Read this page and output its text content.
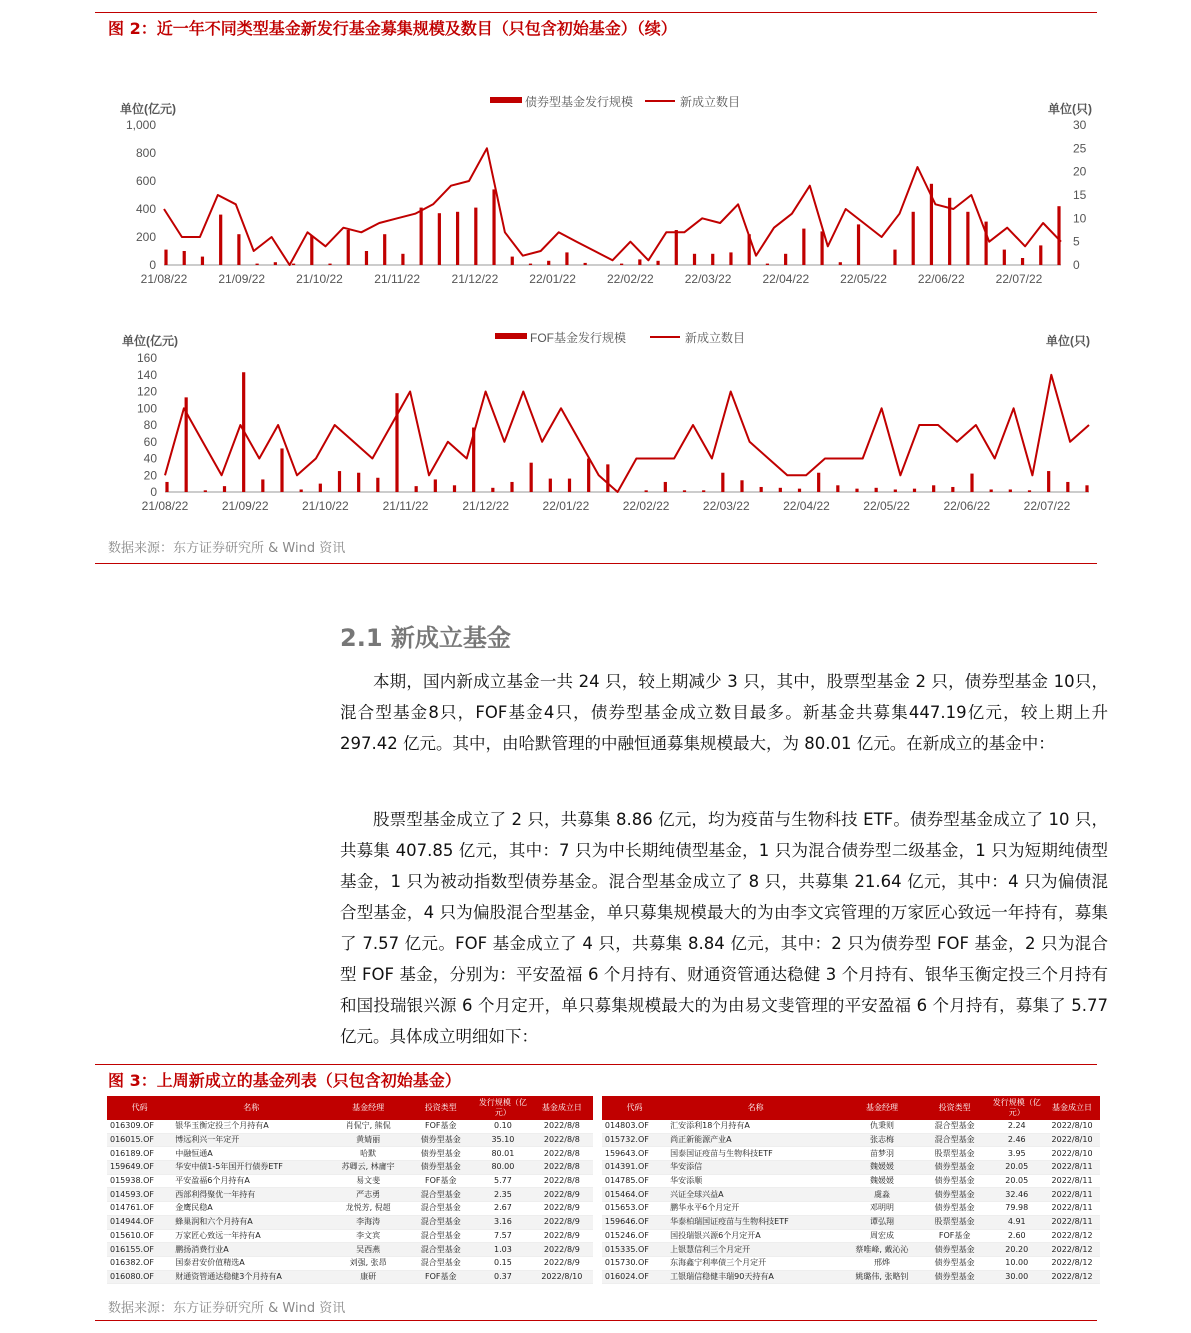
图 2：近一年不同类型基金新发行基金募集规模及数目（只包含初始基金）（续）
债券型基金发行规模	新成立数目
单位(亿元)	单位(只)
0
200
400
600
800
1,000
0
5
10
15
20
25
30
21/08/22	21/09/22	21/10/22	21/11/22	21/12/22	22/01/22	22/02/22	22/03/22	22/04/22	22/05/22	22/06/22	22/07/22
FOF基金发行规模	新成立数目
单位(亿元)	单位(只)
0
20
40
60
80
100
120
140
160
21/08/22	21/09/22	21/10/22	21/11/22	21/12/22	22/01/22	22/02/22	22/03/22	22/04/22	22/05/22	22/06/22	22/07/22
数据来源：东方证券研究所 & Wind 资讯
2.1 新成立基金

本期，国内新成立基金一共 24 只，较上期减少 3 只，其中，股票型基金 2 只，债券型基金 10只，混合型基金8只，FOF基金4只，债券型基金成立数目最多。新基金共募集447.19亿元，较上期上升 297.42 亿元。其中，由哈默管理的中融恒通募集规模最大，为 80.01 亿元。在新成立的基金中：

股票型基金成立了 2 只，共募集 8.86 亿元，均为疫苗与生物科技 ETF。债券型基金成立了 10 只，共募集 407.85 亿元，其中：7 只为中长期纯债型基金，1 只为混合债券型二级基金，1 只为短期纯债型基金，1 只为被动指数型债券基金。混合型基金成立了 8 只，共募集 21.64 亿元，其中：4 只为偏债混合型基金，4 只为偏股混合型基金，单只募集规模最大的为由李文宾管理的万家匠心致远一年持有，募集了 7.57 亿元。FOF 基金成立了 4 只，共募集 8.84 亿元，其中：2 只为债券型 FOF 基金，2 只为混合型 FOF 基金，分别为：平安盈福 6 个月持有、财通资管通达稳健 3 个月持有、银华玉衡定投三个月持有和国投瑞银兴源 6 个月定开，单只募集规模最大的为由易文斐管理的平安盈福 6 个月持有，募集了 5.77 亿元。具体成立明细如下：

图 3：上周新成立的基金列表（只包含初始基金）
代码	名称	基金经理	投资类型	发行规模（亿元）	基金成立日		代码	名称	基金经理	投资类型	发行规模（亿元）	基金成立日
016309.OF	银华玉衡定投三个月持有A	肖侃宁, 熊侃	FOF基金	0.10	2022/8/8		014803.OF	汇安添利18个月持有A	仇秉则	混合型基金	2.24	2022/8/10
016015.OF	博远利兴一年定开	黄婧丽	债券型基金	35.10	2022/8/8		015732.OF	尚正新能源产业A	张志梅	混合型基金	2.46	2022/8/10
016189.OF	中融恒通A	哈默	债券型基金	80.01	2022/8/8		159643.OF	国泰国证疫苗与生物科技ETF	苗梦羽	股票型基金	3.95	2022/8/10
159649.OF	华安中债1-5年国开行债券ETF	苏卿云, 林庸宇	债券型基金	80.00	2022/8/8		014391.OF	华安添信	魏媛媛	债券型基金	20.05	2022/8/11
015938.OF	平安盈福6个月持有A	易文斐	FOF基金	5.77	2022/8/8		014785.OF	华安添顺	魏媛媛	债券型基金	20.05	2022/8/11
014593.OF	西部利得聚优一年持有	严志勇	混合型基金	2.35	2022/8/9		015464.OF	兴证全球兴益A	虞淼	债券型基金	32.46	2022/8/11
014761.OF	金鹰民稳A	龙悦芳, 倪超	混合型基金	2.67	2022/8/9		015653.OF	鹏华永平6个月定开	邓明明	债券型基金	79.98	2022/8/11
014944.OF	蜂巢润和六个月持有A	李海涛	混合型基金	3.16	2022/8/9		159646.OF	华泰柏瑞国证疫苗与生物科技ETF	谭弘翔	股票型基金	4.91	2022/8/11
015610.OF	万家匠心致远一年持有A	李文宾	混合型基金	7.57	2022/8/9		015246.OF	国投瑞银兴源6个月定开A	周宏成	FOF基金	2.60	2022/8/12
016155.OF	鹏扬消费行业A	吴西燕	混合型基金	1.03	2022/8/9		015335.OF	上银慧信利三个月定开	蔡唯峰, 戴沁沁	债券型基金	20.20	2022/8/12
016382.OF	国泰君安价值精选A	刘强, 张昂	混合型基金	0.15	2022/8/9		015730.OF	东海鑫宁利率债三个月定开	邢烨	债券型基金	10.00	2022/8/12
016080.OF	财通资管通达稳健3个月持有A	康研	FOF基金	0.37	2022/8/10		016024.OF	工银瑞信稳健丰瑞90天持有A	姚璐伟, 张略钊	债券型基金	30.00	2022/8/12
数据来源：东方证券研究所 & Wind 资讯
